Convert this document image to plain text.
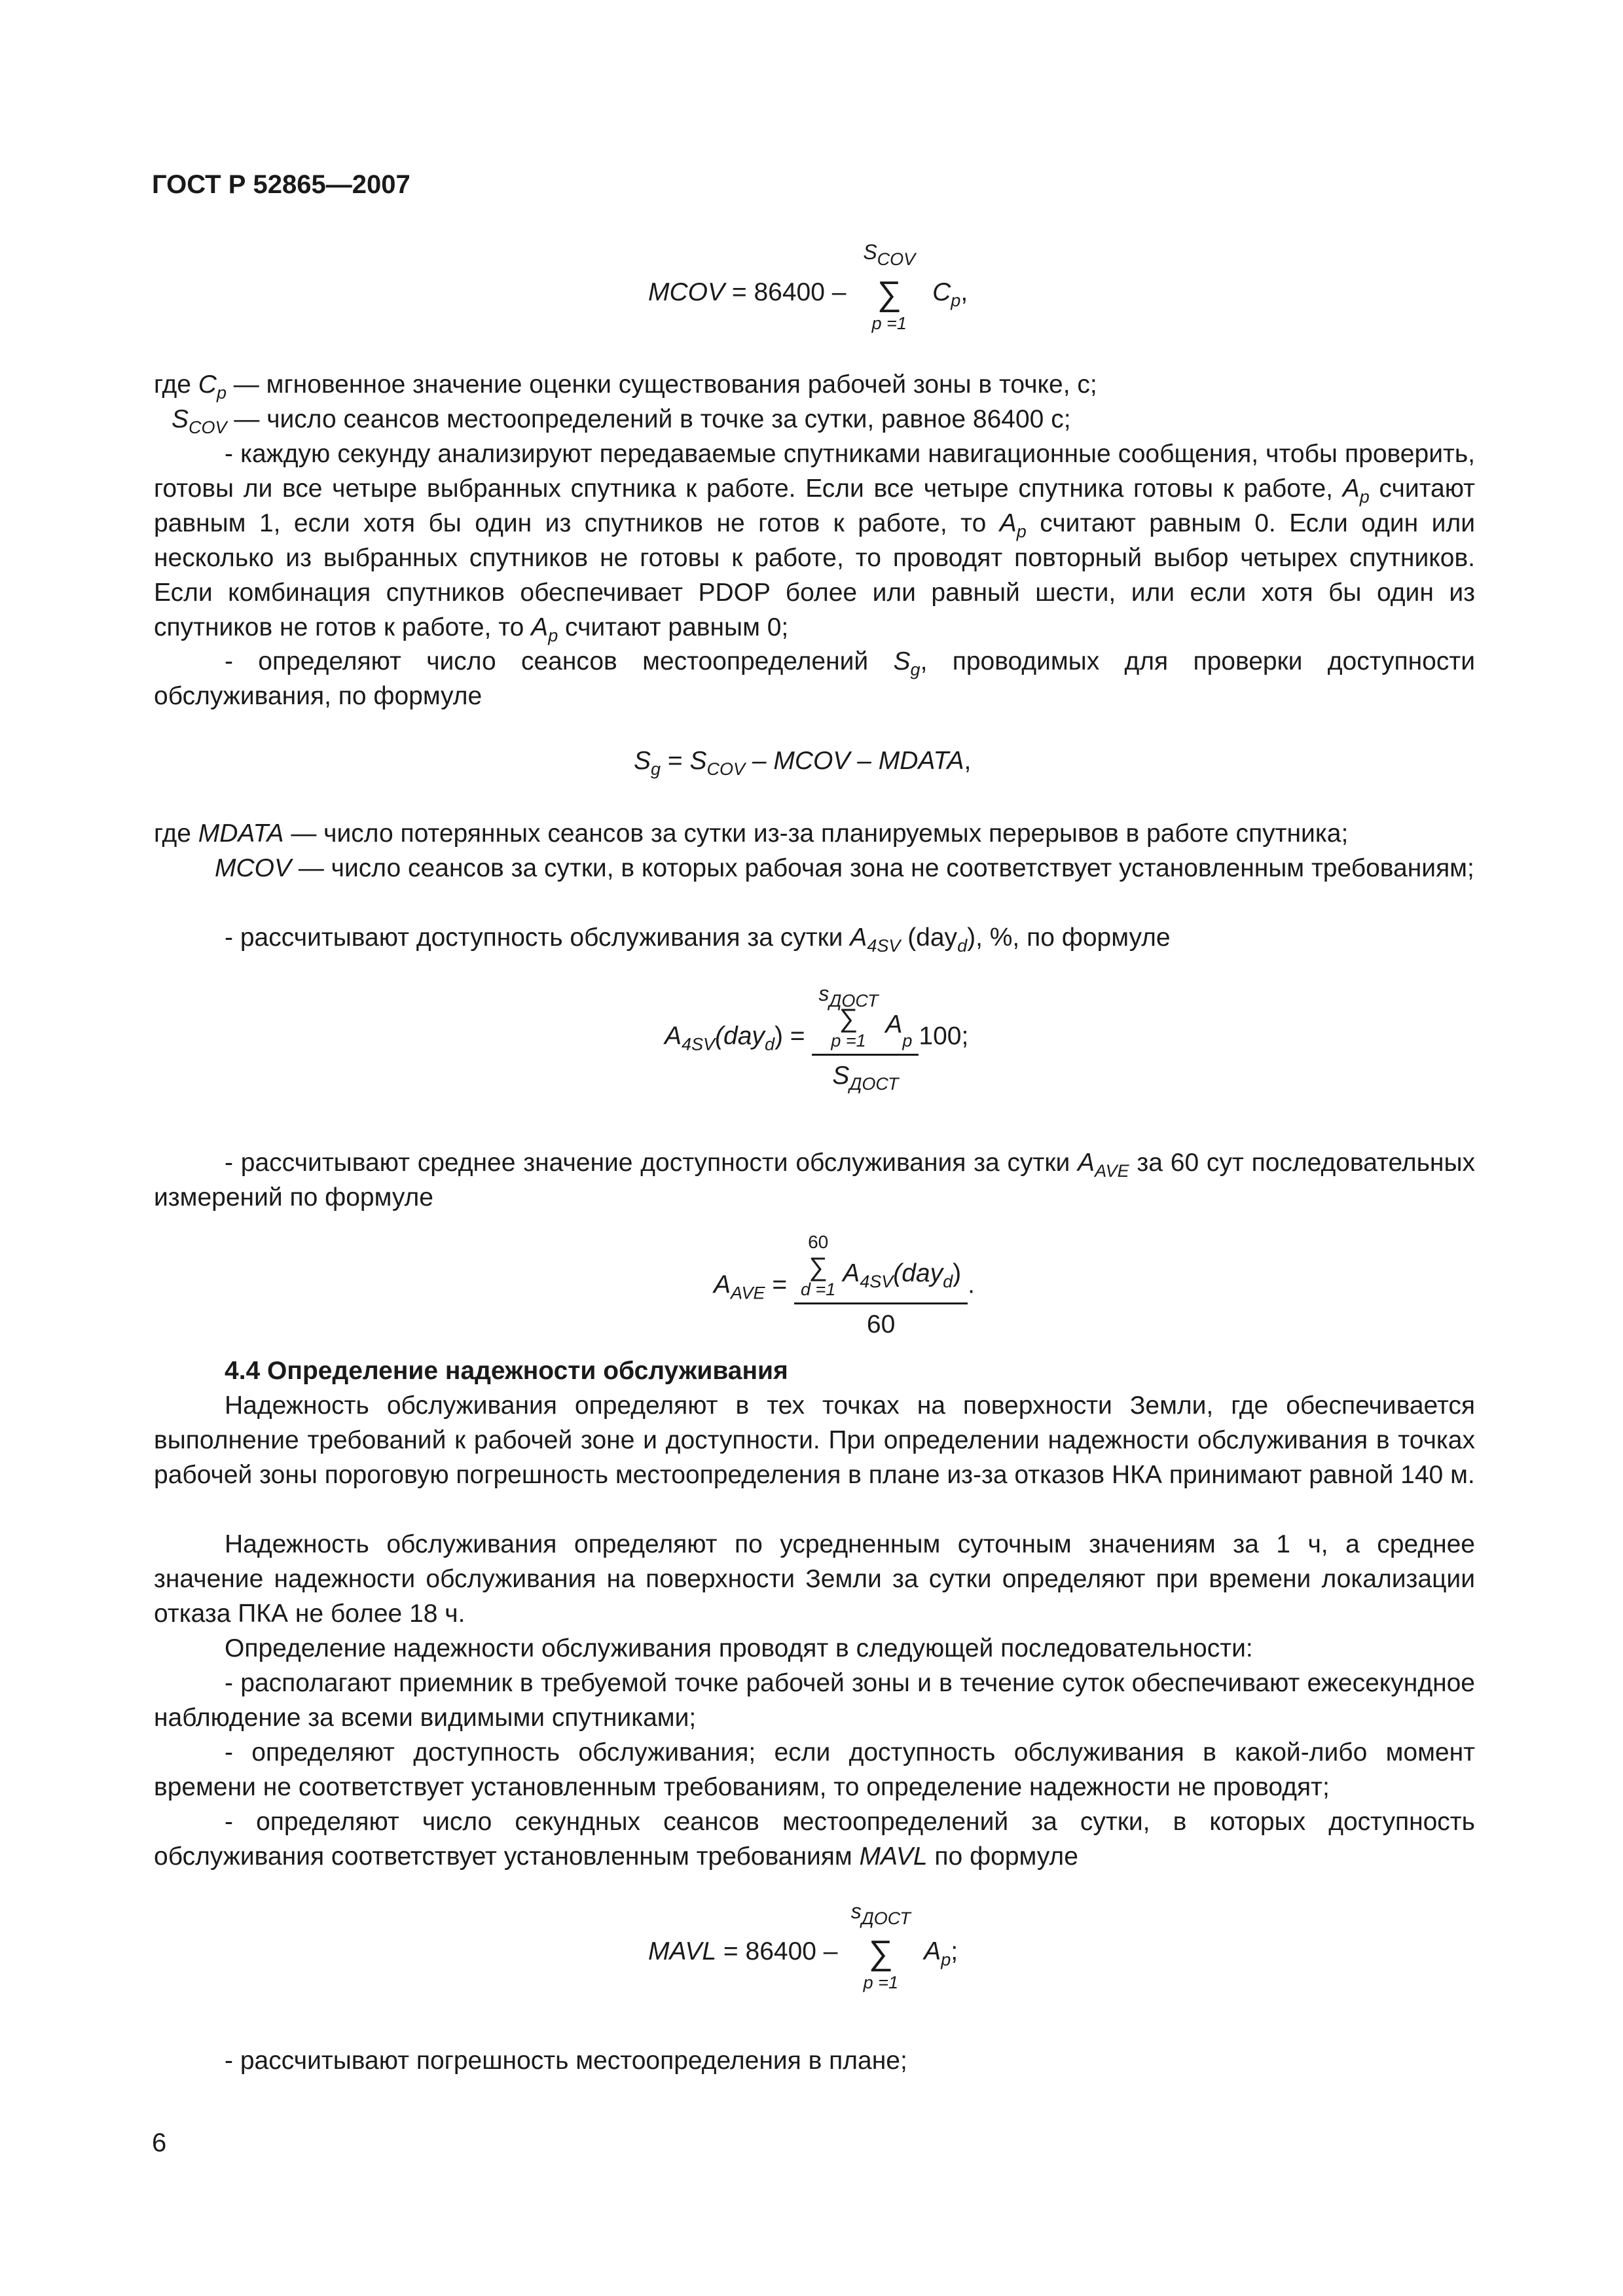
ГОСТ Р 52865—2007
MCOV = 86400 –
$S_{COV}$
∑
p =1
$C_p$,

где $C_p$ — мгновенное значение оценки существования рабочей зоны в точке, с;

$S_{COV}$ — число сеансов местоопределений в точке за сутки, равное 86400 с;

- каждую секунду анализируют передаваемые спутниками навигационные сообщения, чтобы проверить, готовы ли все четыре выбранных спутника к работе. Если все четыре спутника готовы к работе, $A_p$ считают равным 1, если хотя бы один из спутников не готов к работе, то $A_p$ считают равным 0. Если один или несколько из выбранных спутников не готовы к работе, то проводят повторный выбор четырех спутников. Если комбинация спутников обеспечивает PDOP более или равный шести, или если хотя бы один из спутников не готов к работе, то $A_p$ считают равным 0;

- определяют число сеансов местоопределений $S_g$, проводимых для проверки доступности обслуживания, по формуле

$S_g = S_{COV}$ – MCOV – MDATA,

где MDATA — число потерянных сеансов за сутки из-за планируемых перерывов в работе спутника;

MCOV — число сеансов за сутки, в которых рабочая зона не соответствует установленным требованиям;

- рассчитывают доступность обслуживания за сутки $A_{4SV}$ (day$_d$), %, по формуле

$A_{4SV}(day_d) = s_{ДОСТ}$
∑
p =1
$A_p$
$S_{ДОСТ}$ 100;

- рассчитывают среднее значение доступности обслуживания за сутки $A_{AVE}$ за 60 сут последовательных измерений по формуле

$A_{AVE} = 60$
∑
d =1
$A_{4SV}(day_d)$
60 .
4.4 Определение надежности обслуживания

Надежность обслуживания определяют в тех точках на поверхности Земли, где обеспечивается выполнение требований к рабочей зоне и доступности. При определении надежности обслуживания в точках рабочей зоны пороговую погрешность местоопределения в плане из-за отказов НКА принимают равной 140 м.

Надежность обслуживания определяют по усредненным суточным значениям за 1 ч, а среднее значение надежности обслуживания на поверхности Земли за сутки определяют при времени локализации отказа ПКА не более 18 ч.

Определение надежности обслуживания проводят в следующей последовательности:

- располагают приемник в требуемой точке рабочей зоны и в течение суток обеспечивают ежесекундное наблюдение за всеми видимыми спутниками;

- определяют доступность обслуживания; если доступность обслуживания в какой-либо момент времени не соответствует установленным требованиям, то определение надежности не проводят;

- определяют число секундных сеансов местоопределений за сутки, в которых доступность обслуживания соответствует установленным требованиям MAVL по формуле

MAVL = 86400 –
$s_{ДОСТ}$
∑
p =1
$A_p$;

- рассчитывают погрешность местоопределения в плане;

6
